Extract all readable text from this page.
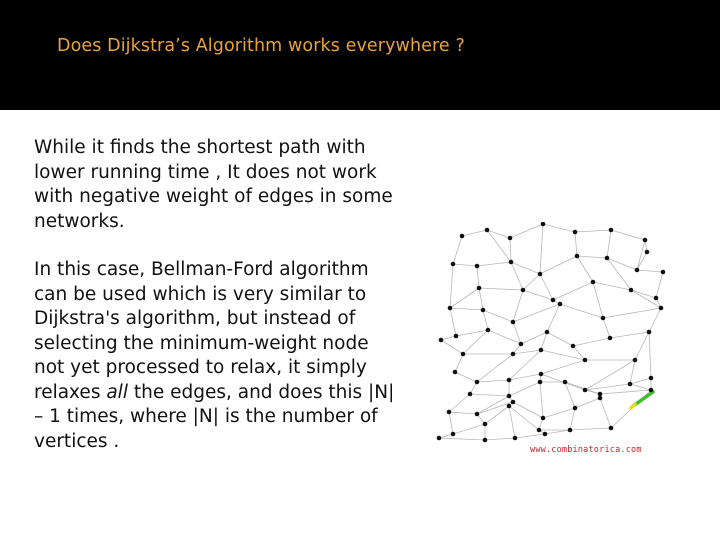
Does Dijkstra’s Algorithm works everywhere ?

While it finds the shortest path with lower running time , It does not work with negative weight of edges in some networks.

In this case, Bellman-Ford algorithm can be used which is very similar to Dijkstra's algorithm, but instead of selecting the minimum-weight node not yet processed to relax, it simply relaxes all the edges, and does this |N| – 1 times, where |N| is the number of vertices .	www.combinatorica.com
